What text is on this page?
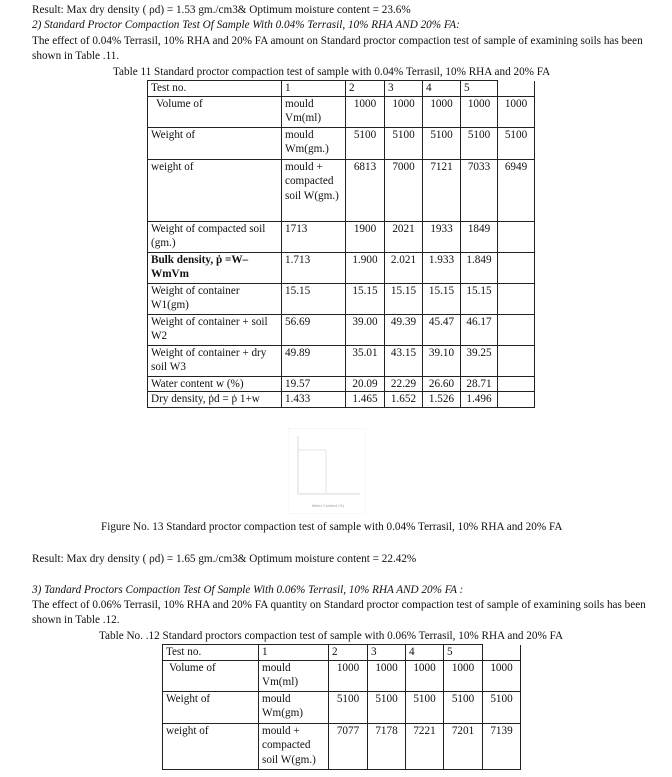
Result: Max dry density ( ρd) = 1.53 gm./cm3& Optimum moisture content = 23.6%
2) Standard Proctor Compaction Test Of Sample With 0.04% Terrasil, 10% RHA AND 20% FA:
The effect of 0.04% Terrasil, 10% RHA and 20% FA amount on Standard proctor compaction test of sample of examining soils has been shown in Table .11.
Table 11 Standard proctor compaction test of sample with 0.04% Terrasil, 10% RHA and 20% FA
Test no.	1	2	3	4	5	
Volume of	mould Vm(ml)	1000	1000	1000	1000	1000
Weight of	mould Wm(gm.)	5100	5100	5100	5100	5100
weight of	mould + compacted soil W(gm.)	6813	7000	7121	7033	6949
Weight of compacted soil (gm.)	1713	1900	2021	1933	1849	
Bulk density, ṗ =W–WmVm	1.713	1.900	2.021	1.933	1.849	
Weight of container W1(gm)	15.15	15.15	15.15	15.15	15.15	
Weight of container + soil W2	56.69	39.00	49.39	45.47	46.17	
Weight of container + dry soil W3	49.89	35.01	43.15	39.10	39.25	
Water content w (%)	19.57	20.09	22.29	26.60	28.71	
Dry density, ṗd = ṗ 1+w	1.433	1.465	1.652	1.526	1.496	
Water Content (%)
Figure No. 13 Standard proctor compaction test of sample with 0.04% Terrasil, 10% RHA and 20% FA
Result: Max dry density ( ρd) = 1.65 gm./cm3& Optimum moisture content = 22.42%
3) Tandard Proctors Compaction Test Of Sample With 0.06% Terrasil, 10% RHA AND 20% FA :
The effect of 0.06% Terrasil, 10% RHA and 20% FA quantity on Standard proctor compaction test of sample of examining soils has been shown in Table .12.
Table No. .12 Standard proctors compaction test of sample with 0.06% Terrasil, 10% RHA and 20% FA
Test no.	1	2	3	4	5	
Volume of	mould Vm(ml)	1000	1000	1000	1000	1000
Weight of	mould Wm(gm)	5100	5100	5100	5100	5100
weight of	mould + compacted soil W(gm.)	7077	7178	7221	7201	7139
